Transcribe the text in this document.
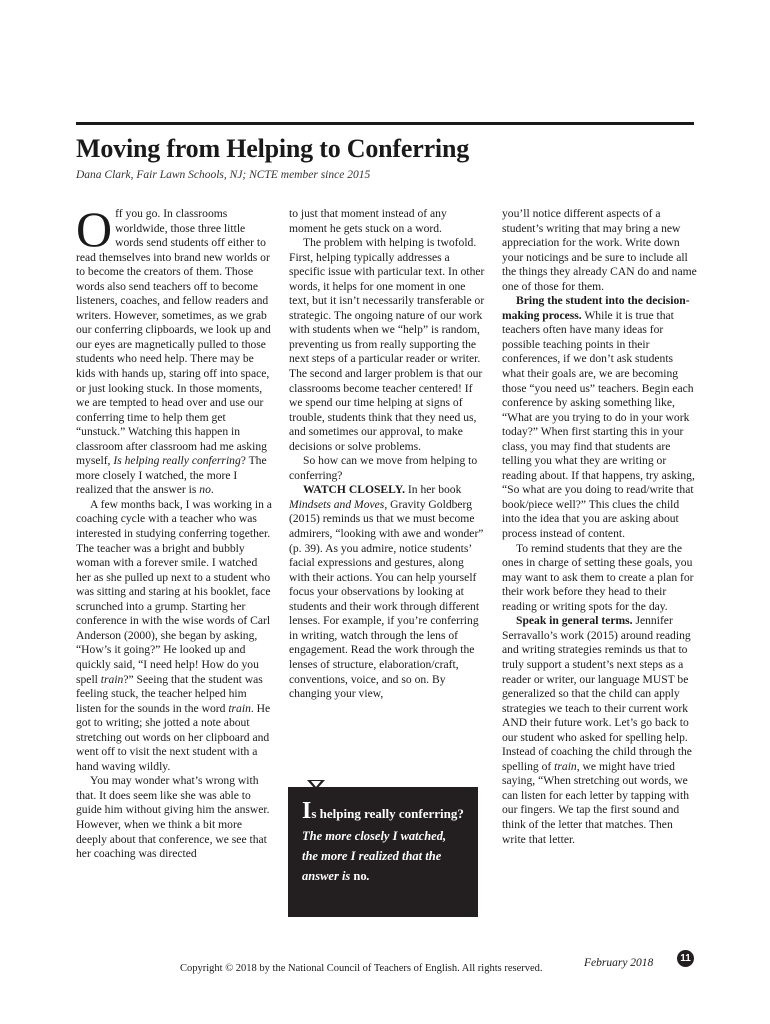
Moving from Helping to Conferring

Dana Clark, Fair Lawn Schools, NJ; NCTE member since 2015

Off you go. In classrooms worldwide, those three little words send students off either to read themselves into brand new worlds or to become the creators of them. Those words also send teachers off to become listeners, coaches, and fellow readers and writers. However, sometimes, as we grab our conferring clipboards, we look up and our eyes are magnetically pulled to those students who need help. There may be kids with hands up, staring off into space, or just looking stuck. In those moments, we are tempted to head over and use our conferring time to help them get “unstuck.” Watching this happen in classroom after classroom had me asking myself, Is helping really conferring? The more closely I watched, the more I realized that the answer is no.

A few months back, I was working in a coaching cycle with a teacher who was interested in studying conferring together. The teacher was a bright and bubbly woman with a forever smile. I watched her as she pulled up next to a student who was sitting and staring at his booklet, face scrunched into a grump. Starting her conference in with the wise words of Carl Anderson (2000), she began by asking, “How’s it going?” He looked up and quickly said, “I need help! How do you spell train?” Seeing that the student was feeling stuck, the teacher helped him listen for the sounds in the word train. He got to writing; she jotted a note about stretching out words on her clipboard and went off to visit the next student with a hand waving wildly.

You may wonder what’s wrong with that. It does seem like she was able to guide him without giving him the answer. However, when we think a bit more deeply about that conference, we see that her coaching was directed

to just that moment instead of any moment he gets stuck on a word.

The problem with helping is twofold. First, helping typically addresses a specific issue with particular text. In other words, it helps for one moment in one text, but it isn’t necessarily transferable or strategic. The ongoing nature of our work with students when we “help” is random, preventing us from really supporting the next steps of a particular reader or writer. The second and larger problem is that our classrooms become teacher centered! If we spend our time helping at signs of trouble, students think that they need us, and sometimes our approval, to make decisions or solve problems.

So how can we move from helping to conferring?

WATCH CLOSELY. In her book Mindsets and Moves, Gravity Goldberg (2015) reminds us that we must become admirers, “looking with awe and wonder” (p. 39). As you admire, notice students’ facial expressions and gestures, along with their actions. You can help yourself focus your observations by looking at students and their work through different lenses. For example, if you’re conferring in writing, watch through the lens of engagement. Read the work through the lenses of structure, elaboration/craft, conventions, voice, and so on. By changing your view,

Is helping really conferring?
The more closely I watched, the more I realized that the answer is no.

you’ll notice different aspects of a student’s writing that may bring a new appreciation for the work. Write down your noticings and be sure to include all the things they already CAN do and name one of those for them.

Bring the student into the decision-making process. While it is true that teachers often have many ideas for possible teaching points in their conferences, if we don’t ask students what their goals are, we are becoming those “you need us” teachers. Begin each conference by asking something like, “What are you trying to do in your work today?” When first starting this in your class, you may find that students are telling you what they are writing or reading about. If that happens, try asking, “So what are you doing to read/write that book/piece well?” This clues the child into the idea that you are asking about process instead of content.

To remind students that they are the ones in charge of setting these goals, you may want to ask them to create a plan for their work before they head to their reading or writing spots for the day.

Speak in general terms. Jennifer Serravallo’s work (2015) around reading and writing strategies reminds us that to truly support a student’s next steps as a reader or writer, our language MUST be generalized so that the child can apply strategies we teach to their current work AND their future work. Let’s go back to our student who asked for spelling help. Instead of coaching the child through the spelling of train, we might have tried saying, “When stretching out words, we can listen for each letter by tapping with our fingers. We tap the first sound and think of the letter that matches. Then write that letter.

Copyright © 2018 by the National Council of Teachers of English. All rights reserved.	February 2018	11
